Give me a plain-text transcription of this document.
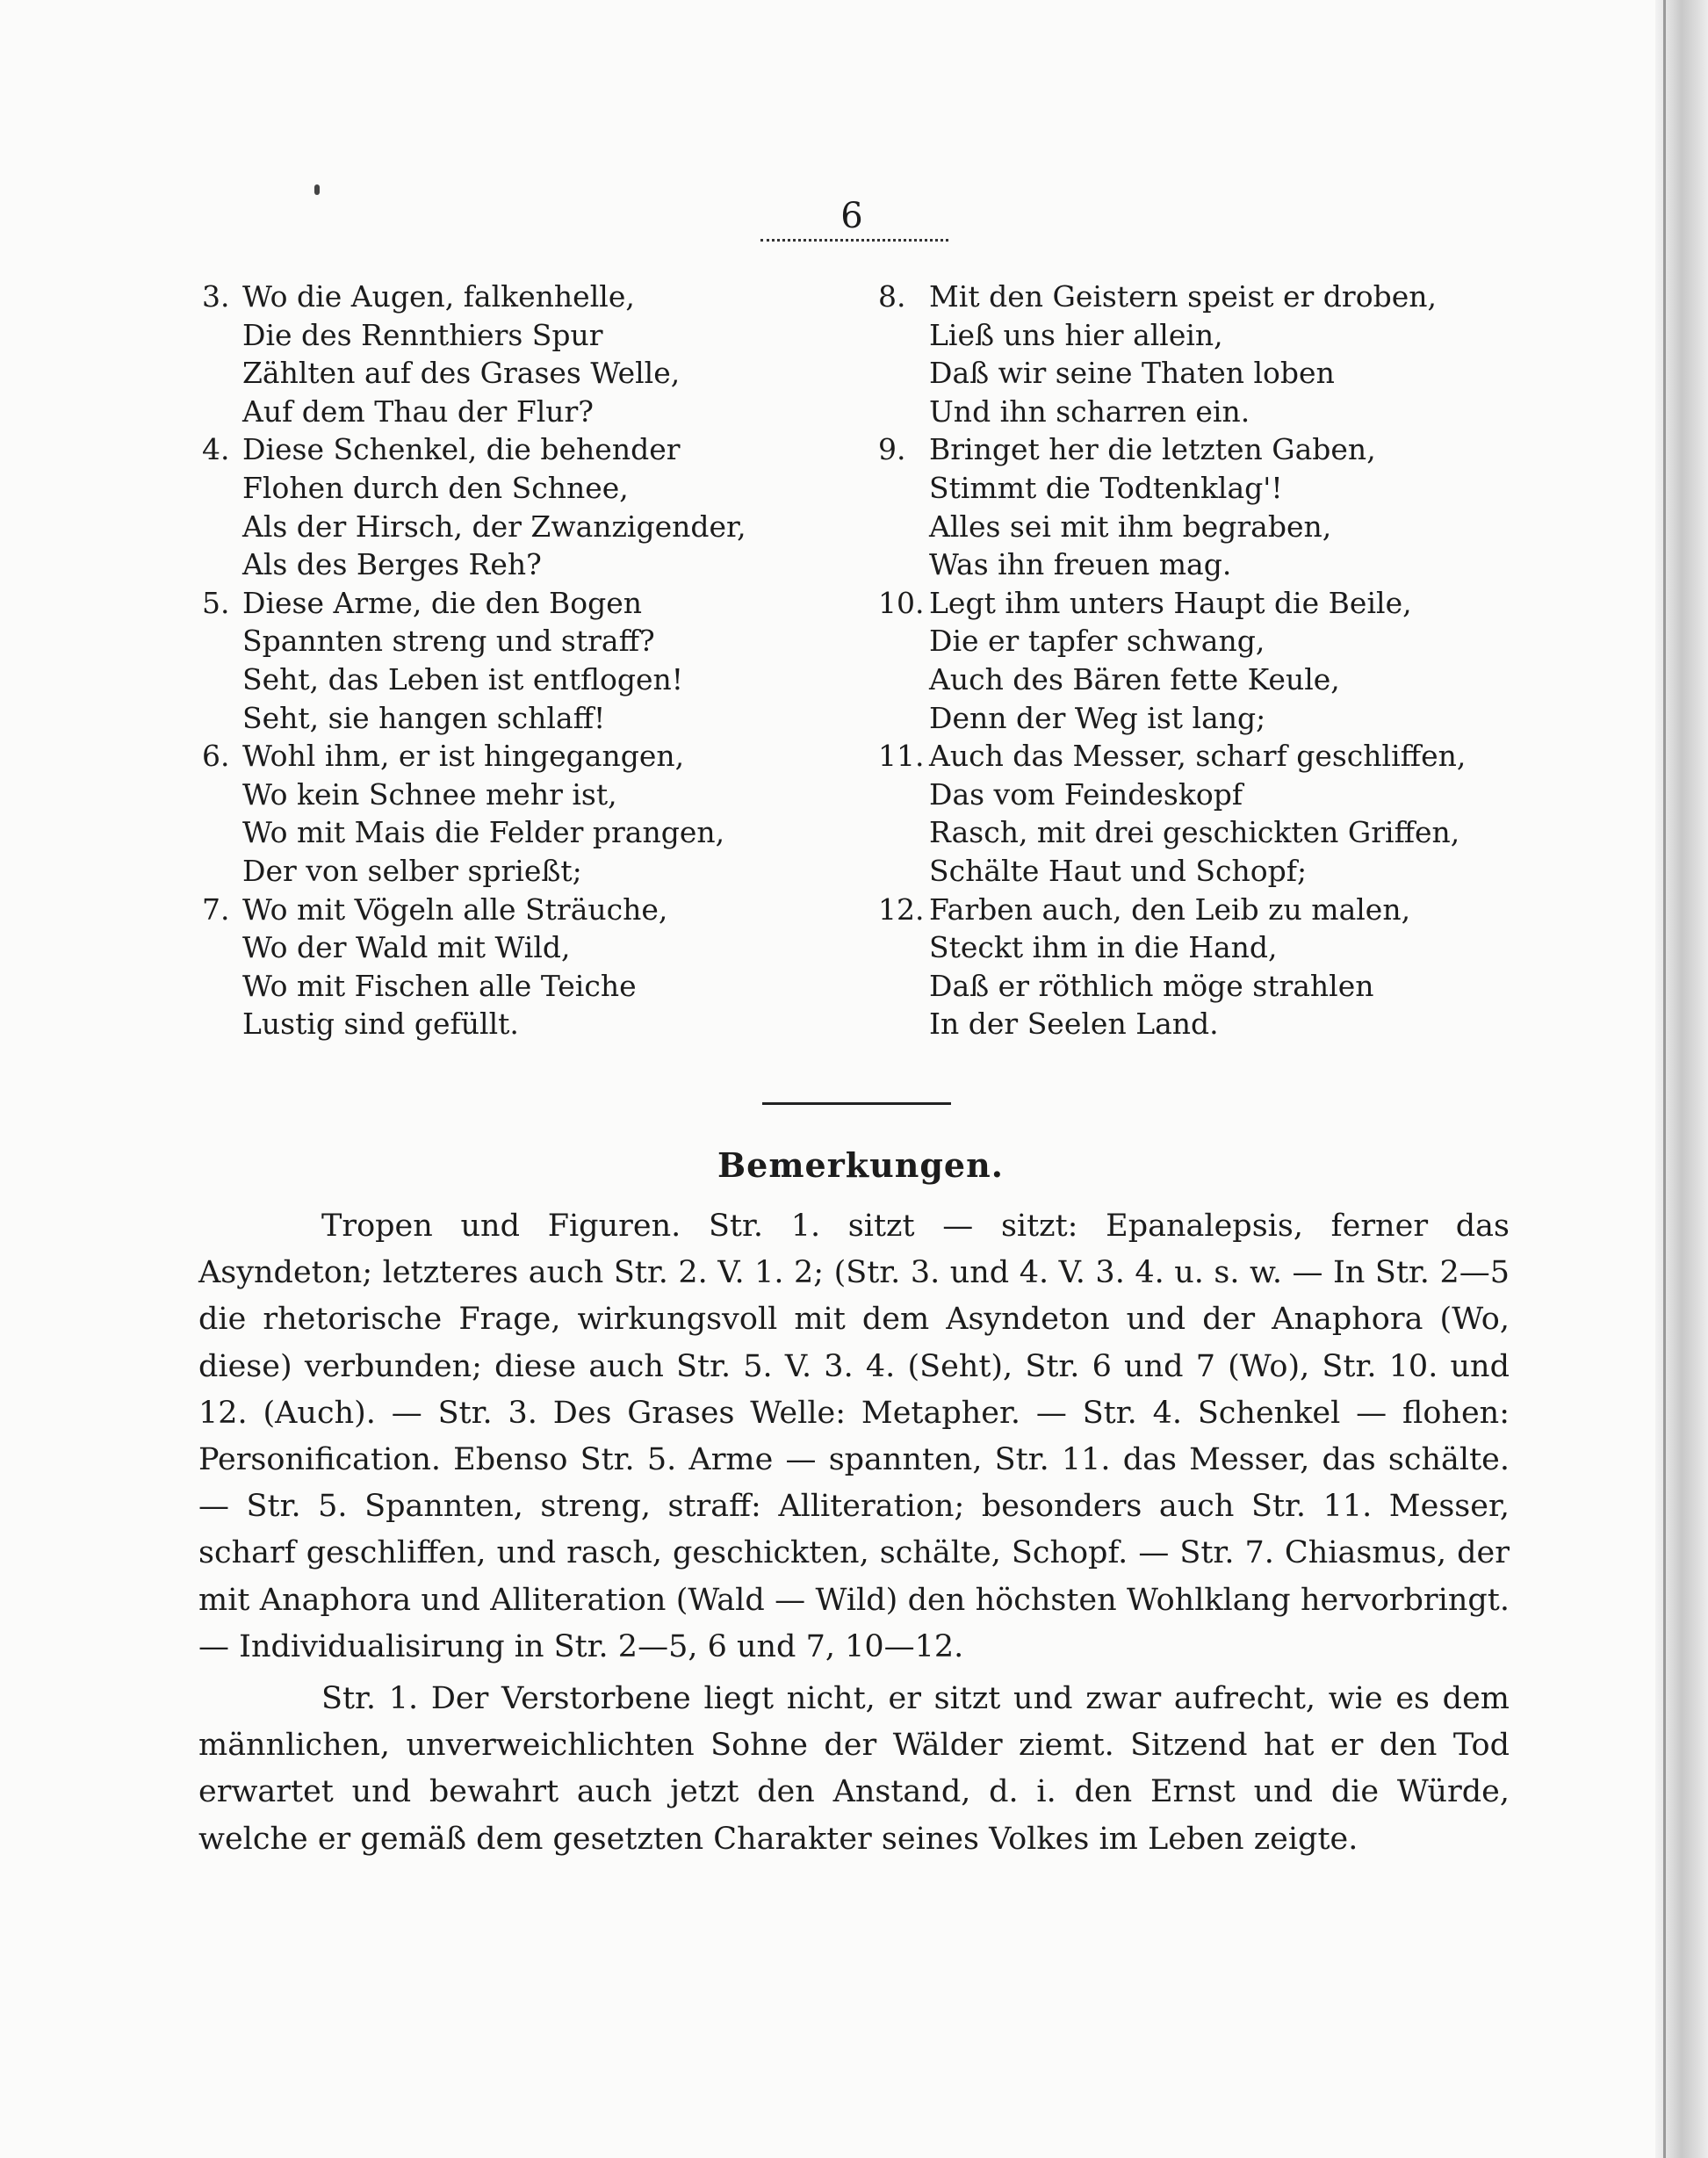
6
3. Wo die Augen, falkenhelle,
Die des Rennthiers Spur
Zählten auf des Grases Welle,
Auf dem Thau der Flur?
4. Diese Schenkel, die behender
Flohen durch den Schnee,
Als der Hirsch, der Zwanzigender,
Als des Berges Reh?
5. Diese Arme, die den Bogen
Spannten streng und straff?
Seht, das Leben ist entflogen!
Seht, sie hangen schlaff!
6. Wohl ihm, er ist hingegangen,
Wo kein Schnee mehr ist,
Wo mit Mais die Felder prangen,
Der von selber sprießt;
7. Wo mit Vögeln alle Sträuche,
Wo der Wald mit Wild,
Wo mit Fischen alle Teiche
Lustig sind gefüllt.
8. Mit den Geistern speist er droben,
Ließ uns hier allein,
Daß wir seine Thaten loben
Und ihn scharren ein.
9. Bringet her die letzten Gaben,
Stimmt die Todtenklag'!
Alles sei mit ihm begraben,
Was ihn freuen mag.
10. Legt ihm unters Haupt die Beile,
Die er tapfer schwang,
Auch des Bären fette Keule,
Denn der Weg ist lang;
11. Auch das Messer, scharf geschliffen,
Das vom Feindeskopf
Rasch, mit drei geschickten Griffen,
Schälte Haut und Schopf;
12. Farben auch, den Leib zu malen,
Steckt ihm in die Hand,
Daß er röthlich möge strahlen
In der Seelen Land.
Bemerkungen.

Tropen und Figuren. Str. 1. sitzt — sitzt: Epanalepsis, ferner das Asyndeton; letzteres auch Str. 2. V. 1. 2; (Str. 3. und 4. V. 3. 4. u. s. w. — In Str. 2—5 die rhetorische Frage, wirkungsvoll mit dem Asyndeton und der Anaphora (Wo, diese) verbunden; diese auch Str. 5. V. 3. 4. (Seht), Str. 6 und 7 (Wo), Str. 10. und 12. (Auch). — Str. 3. Des Grases Welle: Metapher. — Str. 4. Schenkel — flohen: Personification. Ebenso Str. 5. Arme — spannten, Str. 11. das Messer, das schälte. — Str. 5. Spannten, streng, straff: Alliteration; besonders auch Str. 11. Messer, scharf geschliffen, und rasch, geschickten, schälte, Schopf. — Str. 7. Chiasmus, der mit Anaphora und Alliteration (Wald — Wild) den höchsten Wohlklang hervorbringt. — Individualisirung in Str. 2—5, 6 und 7, 10—12.

Str. 1. Der Verstorbene liegt nicht, er sitzt und zwar aufrecht, wie es dem männlichen, unverweichlichten Sohne der Wälder ziemt. Sitzend hat er den Tod erwartet und bewahrt auch jetzt den Anstand, d. i. den Ernst und die Würde, welche er gemäß dem gesetzten Charakter seines Volkes im Leben zeigte.
